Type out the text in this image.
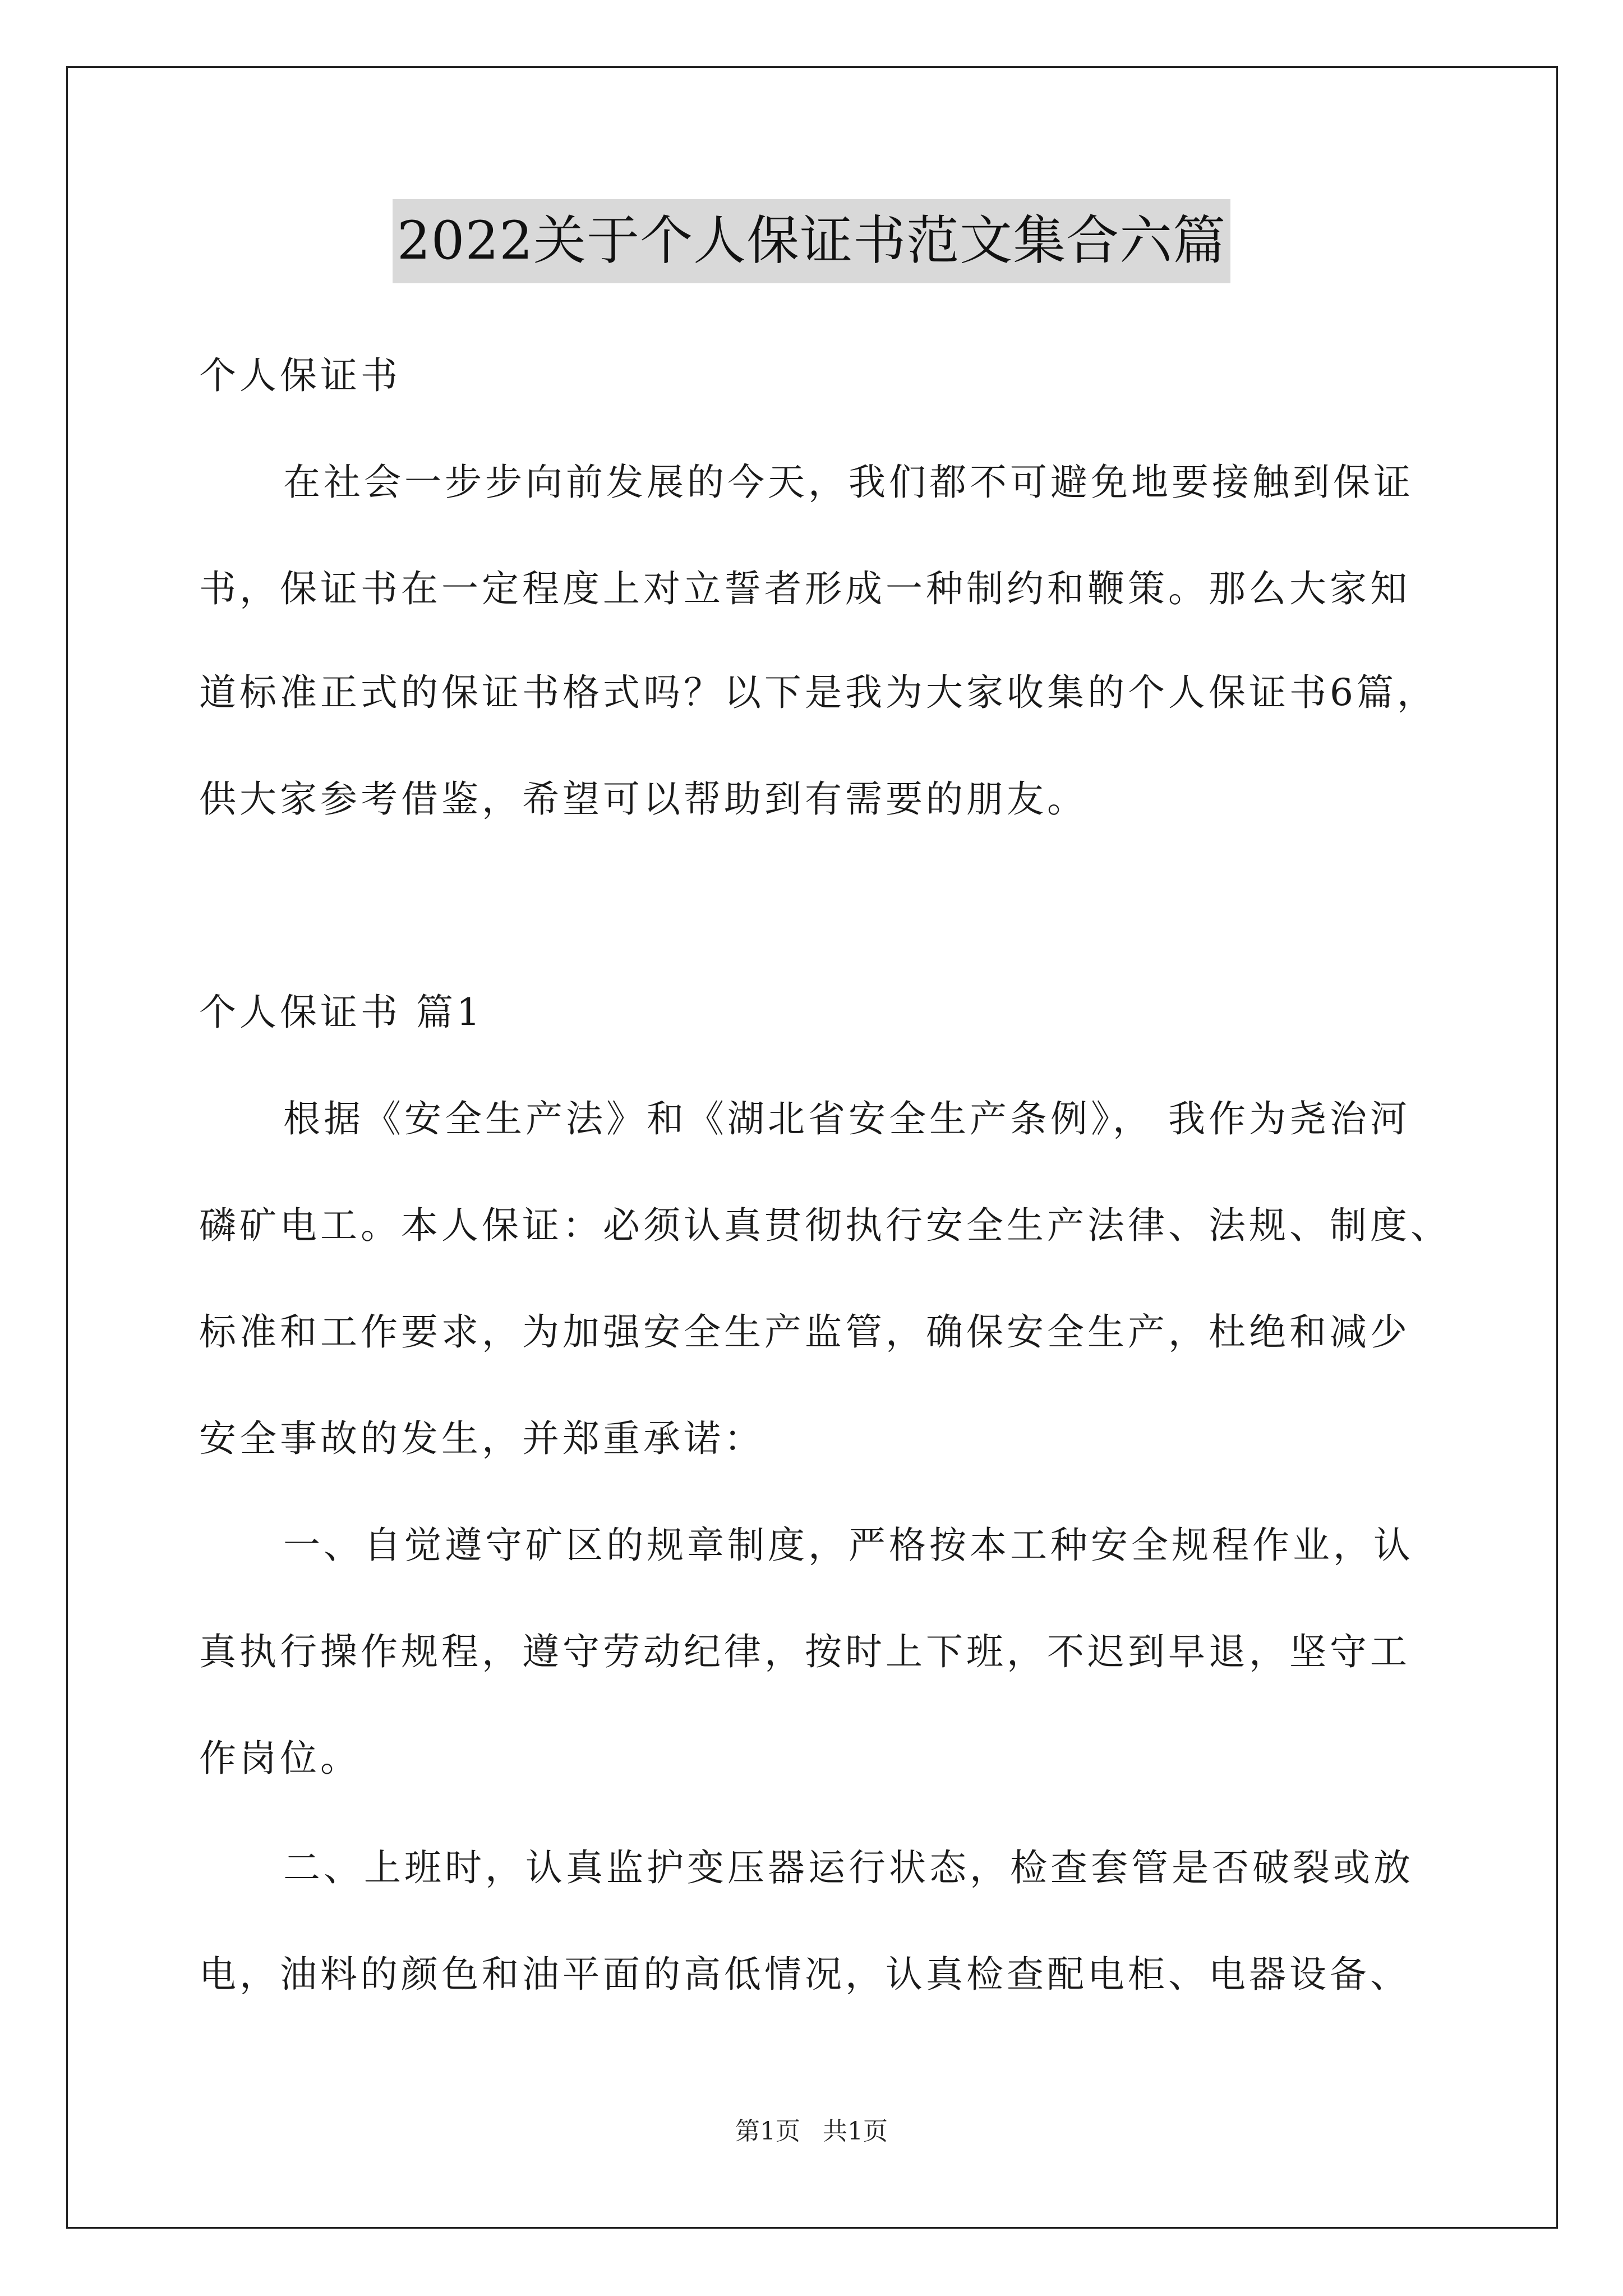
2022关于个人保证书范文集合六篇
个人保证书
在社会一步步向前发展的今天，我们都不可避免地要接触到保证
书，保证书在一定程度上对立誓者形成一种制约和鞭策。那么大家知
道标准正式的保证书格式吗？以下是我为大家收集的个人保证书6篇，
供大家参考借鉴，希望可以帮助到有需要的朋友。
个人保证书 篇1
根据《安全生产法》和《湖北省安全生产条例》， 我作为尧治河
磷矿电工。本人保证：必须认真贯彻执行安全生产法律、法规、制度、
标准和工作要求，为加强安全生产监管，确保安全生产，杜绝和减少
安全事故的发生，并郑重承诺：
一、自觉遵守矿区的规章制度，严格按本工种安全规程作业，认
真执行操作规程，遵守劳动纪律，按时上下班，不迟到早退，坚守工
作岗位。
二、上班时，认真监护变压器运行状态，检查套管是否破裂或放
电，油料的颜色和油平面的高低情况，认真检查配电柜、电器设备、
第1页 共1页
